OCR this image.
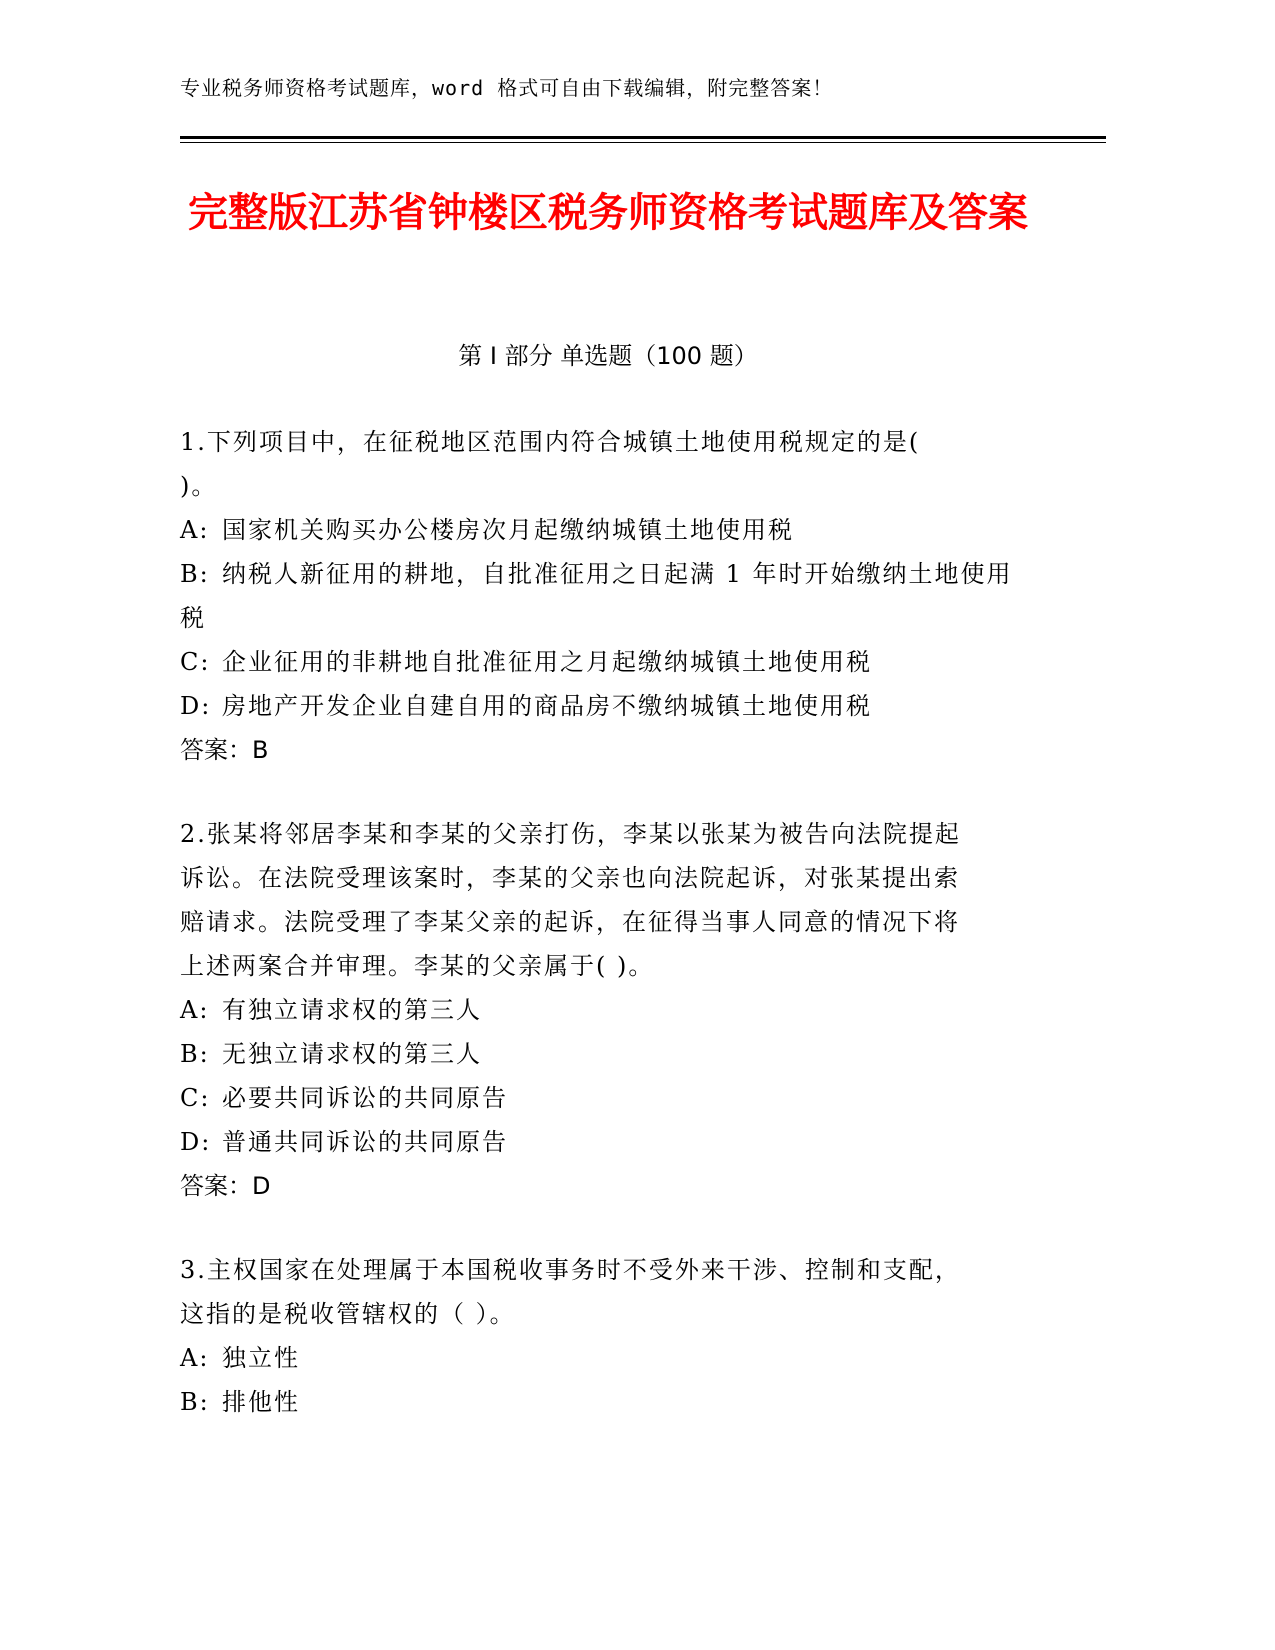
专业税务师资格考试题库，word 格式可自由下载编辑，附完整答案！
完整版江苏省钟楼区税务师资格考试题库及答案
第 I 部分 单选题（100 题）

1.下列项目中，在征税地区范围内符合城镇土地使用税规定的是(

)。

A: 国家机关购买办公楼房次月起缴纳城镇土地使用税

B: 纳税人新征用的耕地，自批准征用之日起满 1 年时开始缴纳土地使用税

C: 企业征用的非耕地自批准征用之月起缴纳城镇土地使用税

D: 房地产开发企业自建自用的商品房不缴纳城镇土地使用税

答案：B

2.张某将邻居李某和李某的父亲打伤，李某以张某为被告向法院提起

诉讼。在法院受理该案时，李某的父亲也向法院起诉，对张某提出索

赔请求。法院受理了李某父亲的起诉，在征得当事人同意的情况下将

上述两案合并审理。李某的父亲属于( )。

A: 有独立请求权的第三人

B: 无独立请求权的第三人

C: 必要共同诉讼的共同原告

D: 普通共同诉讼的共同原告

答案：D

3.主权国家在处理属于本国税收事务时不受外来干涉、控制和支配，

这指的是税收管辖权的（ ）。

A: 独立性

B: 排他性
